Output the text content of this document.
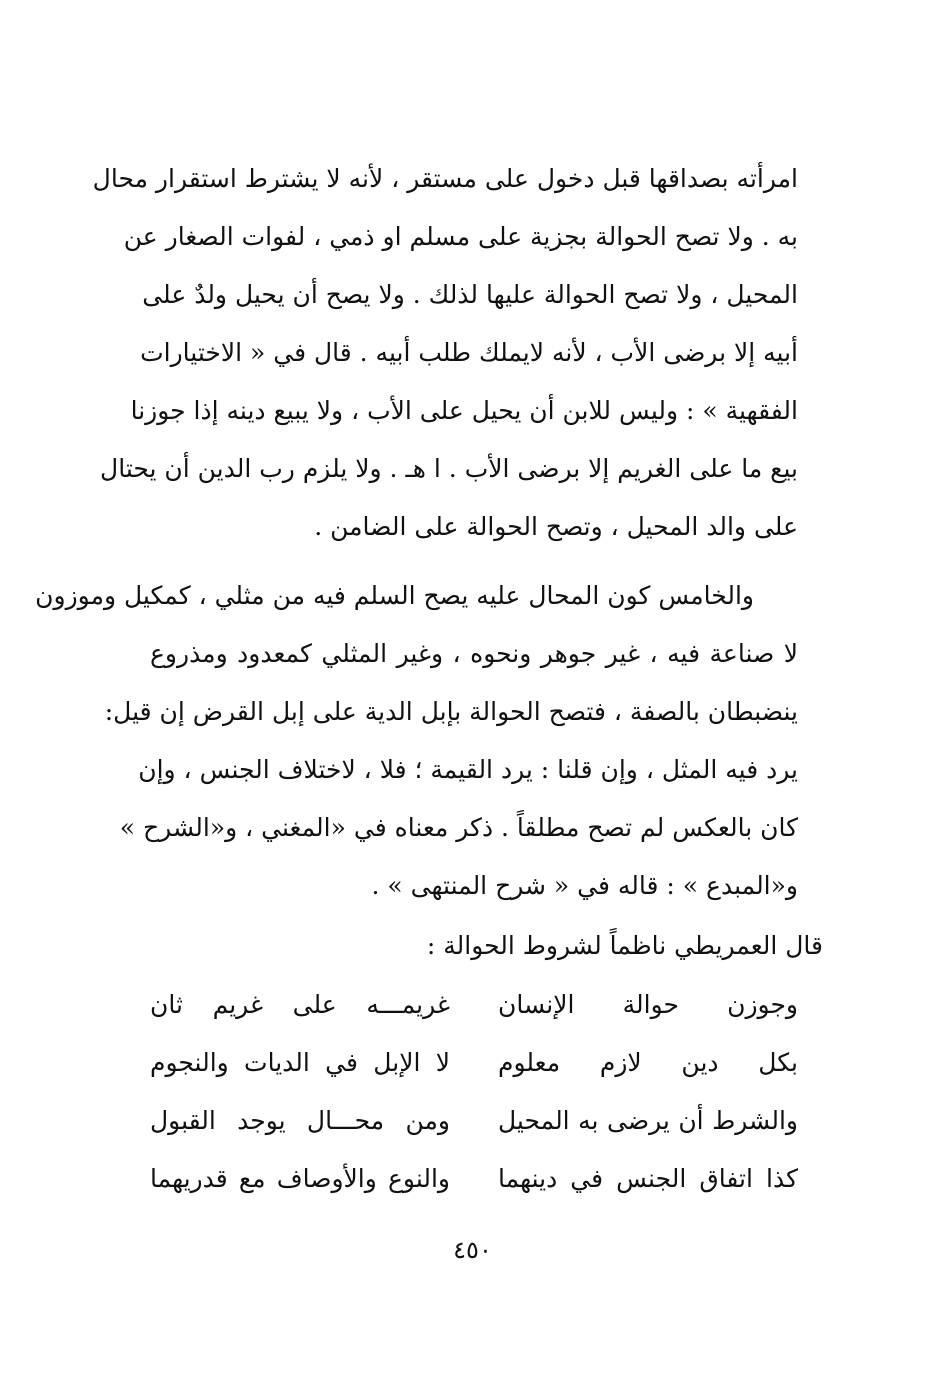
امرأته بصداقها قبل دخول على مستقر ، لأنه لا يشترط استقرار محال
به . ولا تصح الحوالة بجزية على مسلم او ذمي ، لفوات الصغار عن
المحيل ، ولا تصح الحوالة عليها لذلك . ولا يصح أن يحيل ولدٌ على
أبيه إلا برضى الأب ، لأنه لايملك طلب أبيه . قال في « الاختيارات
الفقهية » : وليس للابن أن يحيل على الأب ، ولا يبيع دينه إذا جوزنا
بيع ما على الغريم إلا برضى الأب . ا هـ . ولا يلزم رب الدين أن يحتال
على والد المحيل ، وتصح الحوالة على الضامن .
والخامس كون المحال عليه يصح السلم فيه من مثلي ، كمكيل وموزون
لا صناعة فيه ، غير جوهر ونحوه ، وغير المثلي كمعدود ومذروع
ينضبطان بالصفة ، فتصح الحوالة بإبل الدية على إبل القرض إن قيل:
يرد فيه المثل ، وإن قلنا : يرد القيمة ؛ فلا ، لاختلاف الجنس ، وإن
كان بالعكس لم تصح مطلقاً . ذكر معناه في «المغني ، و«الشرح »
و«المبدع » : قاله في « شرح المنتهى » .
قال العمريطي ناظماً لشروط الحوالة :
وجوزن حوالة الإنسان
غريمـــه على غريم ثان
بكل دين لازم معلوم
لا الإبل في الديات والنجوم
والشرط أن يرضى به المحيل
ومن محـــال يوجد القبول
كذا اتفاق الجنس في دينهما
والنوع والأوصاف مع قدريهما
٤٥٠
